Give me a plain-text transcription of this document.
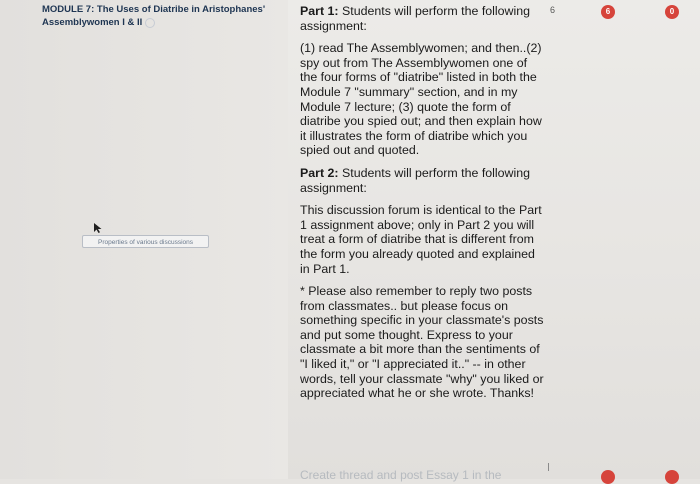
MODULE 7: The Uses of Diatribe in Aristophanes'
Assemblywomen I & II
Properties of various discussions

Part 1: Students will perform the following assignment:

(1) read The Assemblywomen; and then..(2) spy out from The Assemblywomen one of the four forms of "diatribe" listed in both the Module 7 "summary" section, and in my Module 7 lecture; (3) quote the form of diatribe you spied out; and then explain how it illustrates the form of diatribe which you spied out and quoted.

Part 2: Students will perform the following assignment:

This discussion forum is identical to the Part 1 assignment above; only in Part 2 you will treat a form of diatribe that is different from the form you already quoted and explained in Part 1.

* Please also remember to reply two posts from classmates.. but please focus on something specific in your classmate's posts and put some thought. Express to your classmate a bit more than the sentiments of "I liked it," or "I appreciated it.." -- in other words, tell your classmate "why" you liked or appreciated what he or she wrote. Thanks!

Create thread and post Essay 1 in the
6	6	0
